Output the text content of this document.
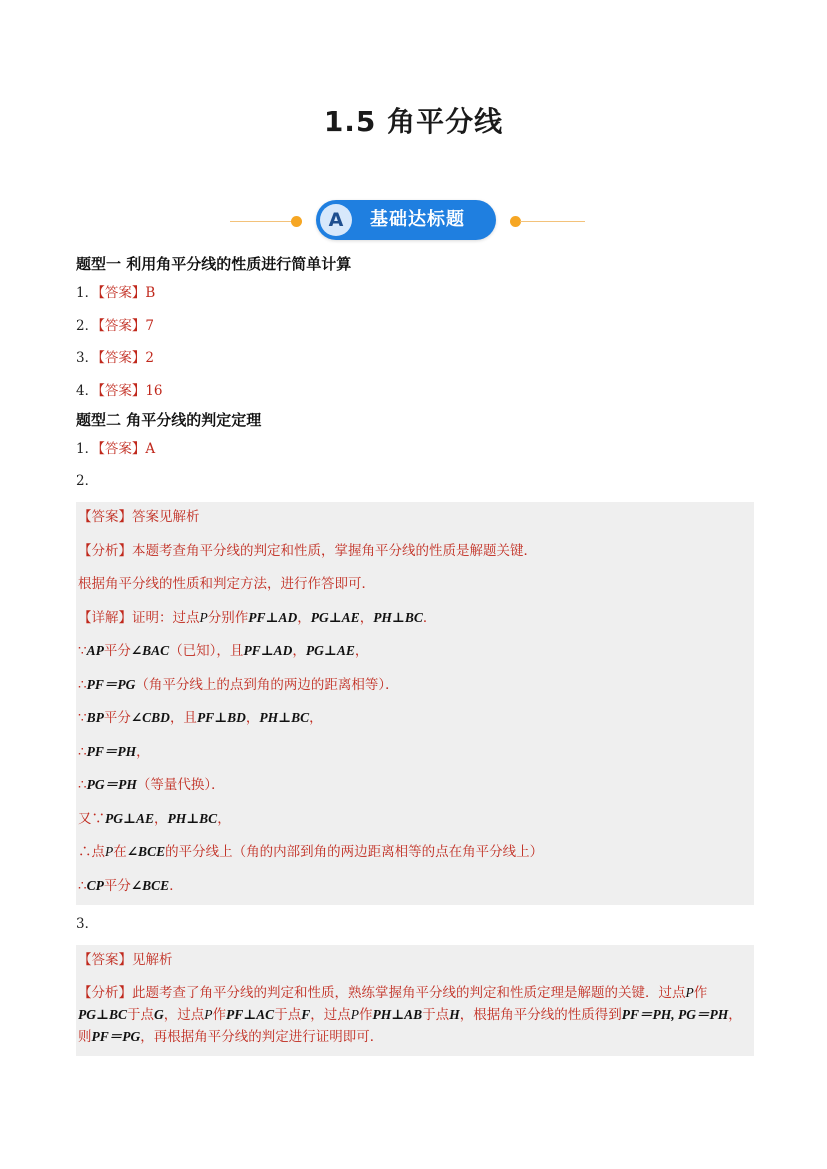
1.5 角平分线
A	基础达标题
题型一 利用角平分线的性质进行简单计算
1．【答案】B
2．【答案】7
3．【答案】2
4．【答案】16
题型二 角平分线的判定定理
1．【答案】A
2．
【答案】答案见解析
【分析】本题考查角平分线的判定和性质，掌握角平分线的性质是解题关键．
根据角平分线的性质和判定方法，进行作答即可．
【详解】证明：过点P分别作PF⊥AD，PG⊥AE，PH⊥BC．
∵AP平分∠BAC（已知），且PF⊥AD，PG⊥AE，
∴PF＝PG（角平分线上的点到角的两边的距离相等）．
∵BP平分∠CBD，且PF⊥BD，PH⊥BC，
∴PF＝PH，
∴PG＝PH（等量代换）．
又∵PG⊥AE，PH⊥BC，
∴点P在∠BCE的平分线上（角的内部到角的两边距离相等的点在角平分线上）
∴CP平分∠BCE．
3．
【答案】见解析
【分析】此题考查了角平分线的判定和性质，熟练掌握角平分线的判定和性质定理是解题的关键．过点P作PG⊥BC于点G，过点P作PF⊥AC于点F，过点P作PH⊥AB于点H，根据角平分线的性质得到PF＝PH, PG＝PH，则PF＝PG，再根据角平分线的判定进行证明即可．
